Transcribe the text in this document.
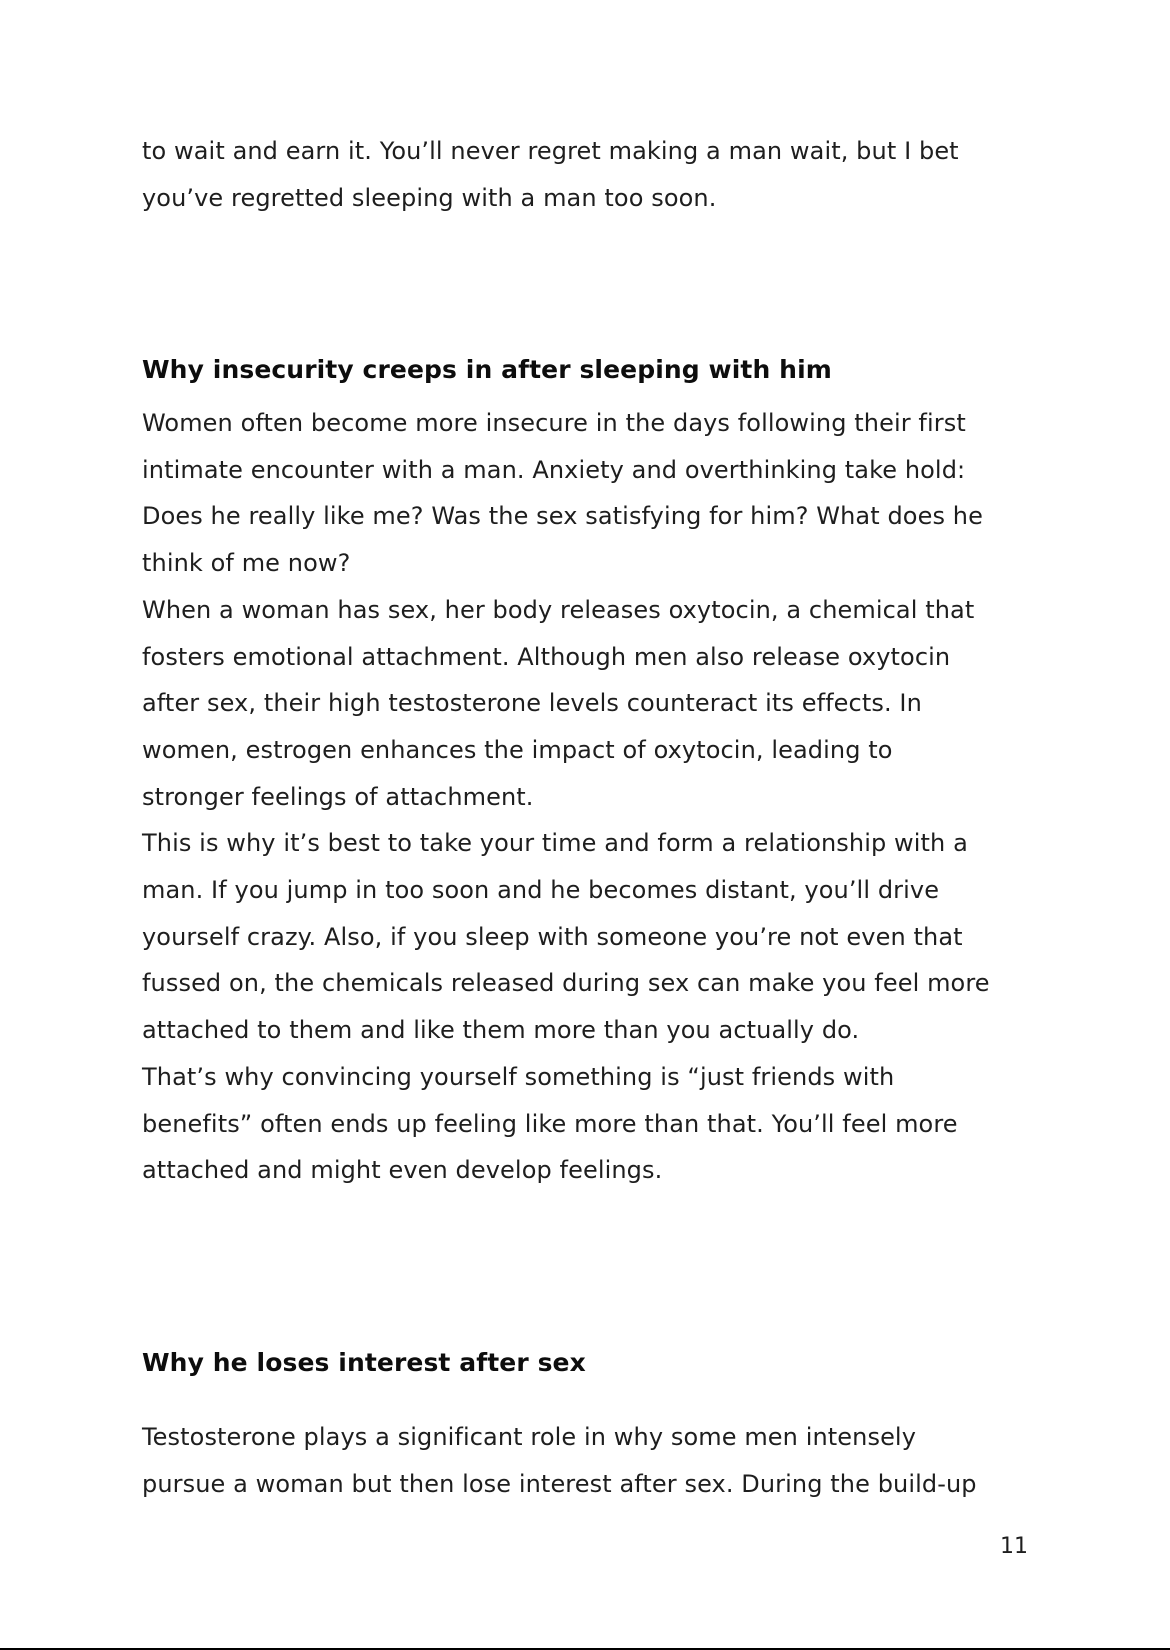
to wait and earn it. You’ll never regret making a man wait, but I bet

you’ve regretted sleeping with a man too soon.

Why insecurity creeps in after sleeping with him

Women often become more insecure in the days following their first

intimate encounter with a man. Anxiety and overthinking take hold:

Does he really like me? Was the sex satisfying for him? What does he

think of me now?

When a woman has sex, her body releases oxytocin, a chemical that

fosters emotional attachment. Although men also release oxytocin

after sex, their high testosterone levels counteract its effects. In

women, estrogen enhances the impact of oxytocin, leading to

stronger feelings of attachment.

This is why it’s best to take your time and form a relationship with a

man. If you jump in too soon and he becomes distant, you’ll drive

yourself crazy. Also, if you sleep with someone you’re not even that

fussed on, the chemicals released during sex can make you feel more

attached to them and like them more than you actually do.

That’s why convincing yourself something is “just friends with

benefits” often ends up feeling like more than that. You’ll feel more

attached and might even develop feelings.

Why he loses interest after sex

Testosterone plays a significant role in why some men intensely

pursue a woman but then lose interest after sex. During the build-up

11
